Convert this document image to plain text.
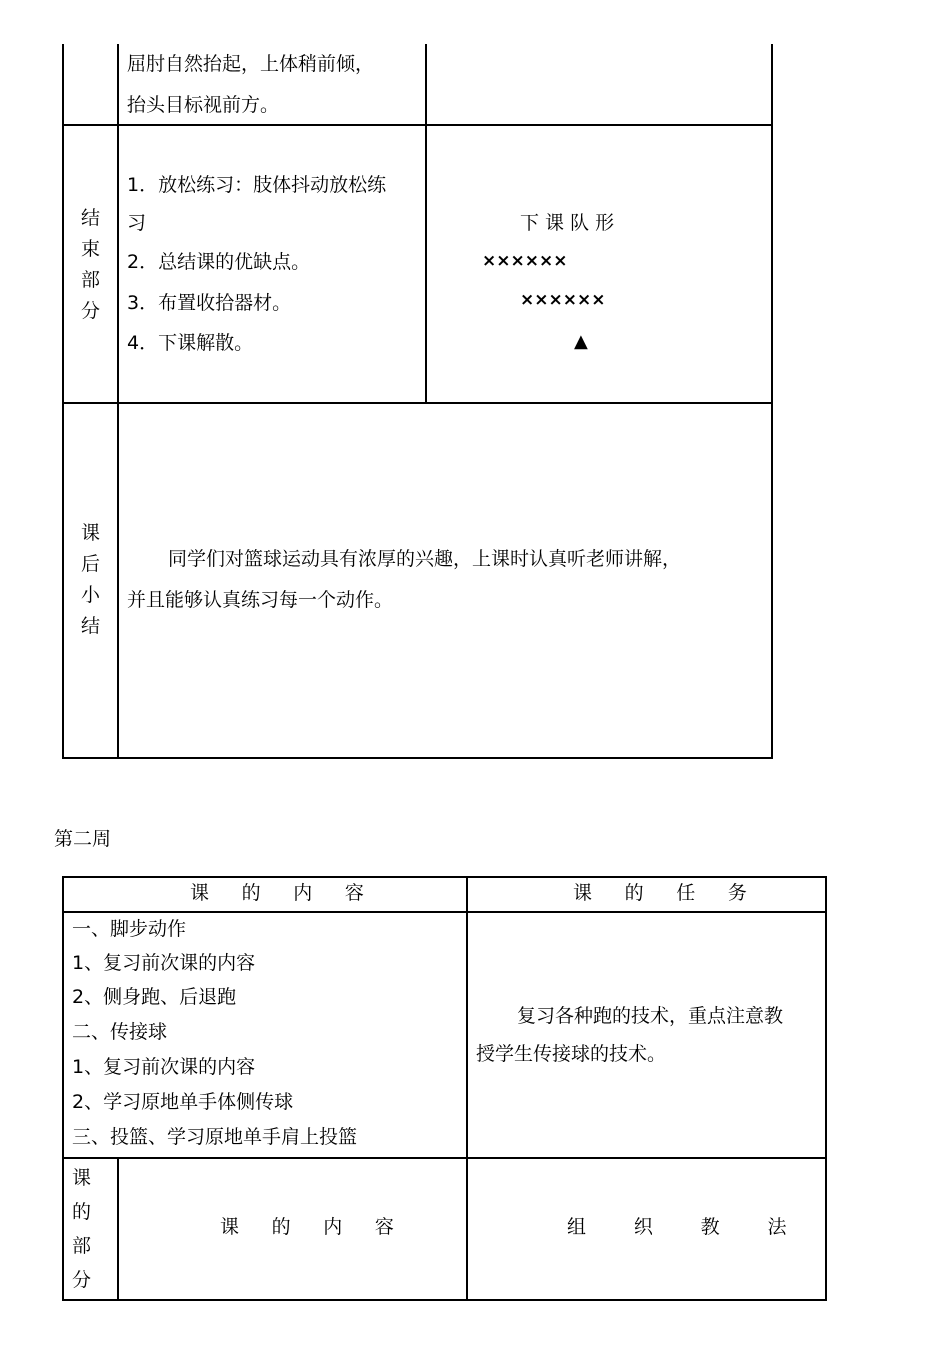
屈肘自然抬起，上体稍前倾，
抬头目标视前方。
结
束
部
分
1．放松练习：肢体抖动放松练
习
2．总结课的优缺点。
3．布置收拾器材。
4．下课解散。
下 课 队 形
××××××
××××××
▲
课
后
小
结
同学们对篮球运动具有浓厚的兴趣，上课时认真听老师讲解，
并且能够认真练习每一个动作。
第二周
课 的 内 容	课 的 任 务
一、脚步动作
1、复习前次课的内容
2、侧身跑、后退跑
二、传接球
1、复习前次课的内容
2、学习原地单手体侧传球
三、投篮、学习原地单手肩上投篮
复习各种跑的技术，重点注意教
授学生传接球的技术。
课
的
部
分
课 的 内 容	组 织 教 法
